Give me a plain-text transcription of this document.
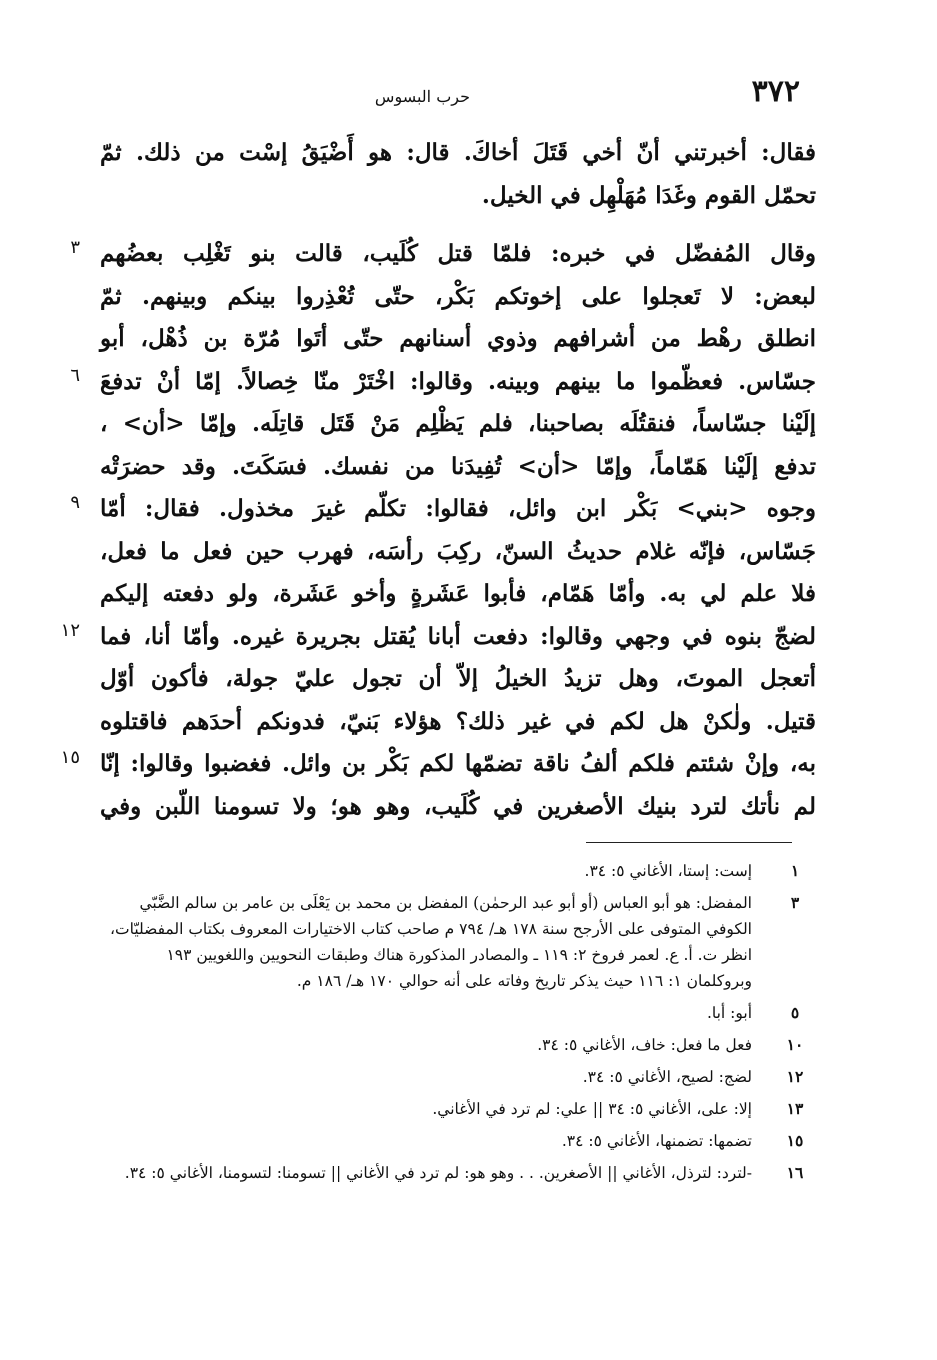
٣٧٢
حرب البسوس
فقال: أخبرتني أنّ أخي قَتَلَ أخاكَ. قال: هو أَضْيَقُ إسْت من ذلك. ثمّ
تحمّل القوم وغَدَا مُهَلْهِل في الخيل.
٣ وقال المُفضّل في خبره: فلمّا قتل كُلَيب، قالت بنو تَغْلِب بعضُهم
لبعض: لا تَعجلوا على إخوتكم بَكْر، حتّى تُعْذِروا بينكم وبينهم. ثمّ
انطلق رهْط من أشرافهم وذوي أسنانهم حتّى أتَوا مُرّة بن ذُهْل، أبو
٦ جسّاس. فعظّموا ما بينهم وبينه. وقالوا: اخْتَرْ منّا خِصالاً. إمّا أنْ تدفعَ
إلَيْنا جسّاساً، فنقتُلَه بصاحبنا، فلم يَظْلِم مَنْ قَتَل قاتِلَه. وإمّا <أن> ،
تدفع إلَيْنا هَمّاماً، وإمّا <أن> تُفِيدَنا من نفسك. فسَكَتَ. وقد حضرَتْه
٩ وجوه <بني> بَكْر ابن وائل، فقالوا: تكلّم غيرَ مخذول. فقال: أمّا
جَسّاس، فإنّه غلام حديثُ السنّ، ركِبَ رأسَه، فهرب حين فعل ما فعل،
فلا علم لي به. وأمّا هَمّام، فأبوا عَشَرةٍ وأخو عَشَرة، ولو دفعته إليكم
١٢ لضجّ بنوه في وجهي وقالوا: دفعت أبانا يُقتل بجريرة غيره. وأمّا أنا، فما
أتعجل الموتَ، وهل تزيدُ الخيلُ إلاّ أن تجول عليّ جولة، فأكون أوّل
قتيل. ولٰكنْ هل لكم في غير ذلك؟ هؤلاء بَنيّ، فدونكم أحدَهم فاقتلوه
١٥ به، وإنْ شئتم فلكم ألفُ ناقة تضمّها لكم بَكْر بن وائل. فغضبوا وقالوا: إنّا
لم نأتك لترد بنيك الأصغرين في كُلَيب، وهو هو؛ ولا تسومنا اللّبن وفي
١
إست: إستا، الأغاني ٥: ٣٤.
٣
المفضل: هو أبو العباس (أو أبو عبد الرحمٰن) المفضل بن محمد بن يَعْلَى بن عامر بن سالم الضَّبّي الكوفي المتوفى على الأرجح سنة ١٧٨ هـ/ ٧٩٤ م صاحب كتاب الاختيارات المعروف بكتاب المفضليّات، انظر ت. أ. ع. لعمر فروخ ٢: ١١٩ ـ والمصادر المذكورة هناك وطبقات النحويين واللغويين ١٩٣ وبروكلمان ١: ١١٦ حيث يذكر تاريخ وفاته على أنه حوالي ١٧٠ هـ/ ١٨٦ م.
٥
أبو: أبا.
١٠
فعل ما فعل: خاف، الأغاني ٥: ٣٤.
١٢
لضج: لصيح، الأغاني ٥: ٣٤.
١٣
إلا: على، الأغاني ٥: ٣٤ || علي: لم ترد في الأغاني.
١٥
تضمها: تضمنها، الأغاني ٥: ٣٤.
١٦
-لترد: لترذل، الأغاني || الأصغرين. . . وهو هو: لم ترد في الأغاني || تسومنا: لتسومنا، الأغاني ٥: ٣٤.
